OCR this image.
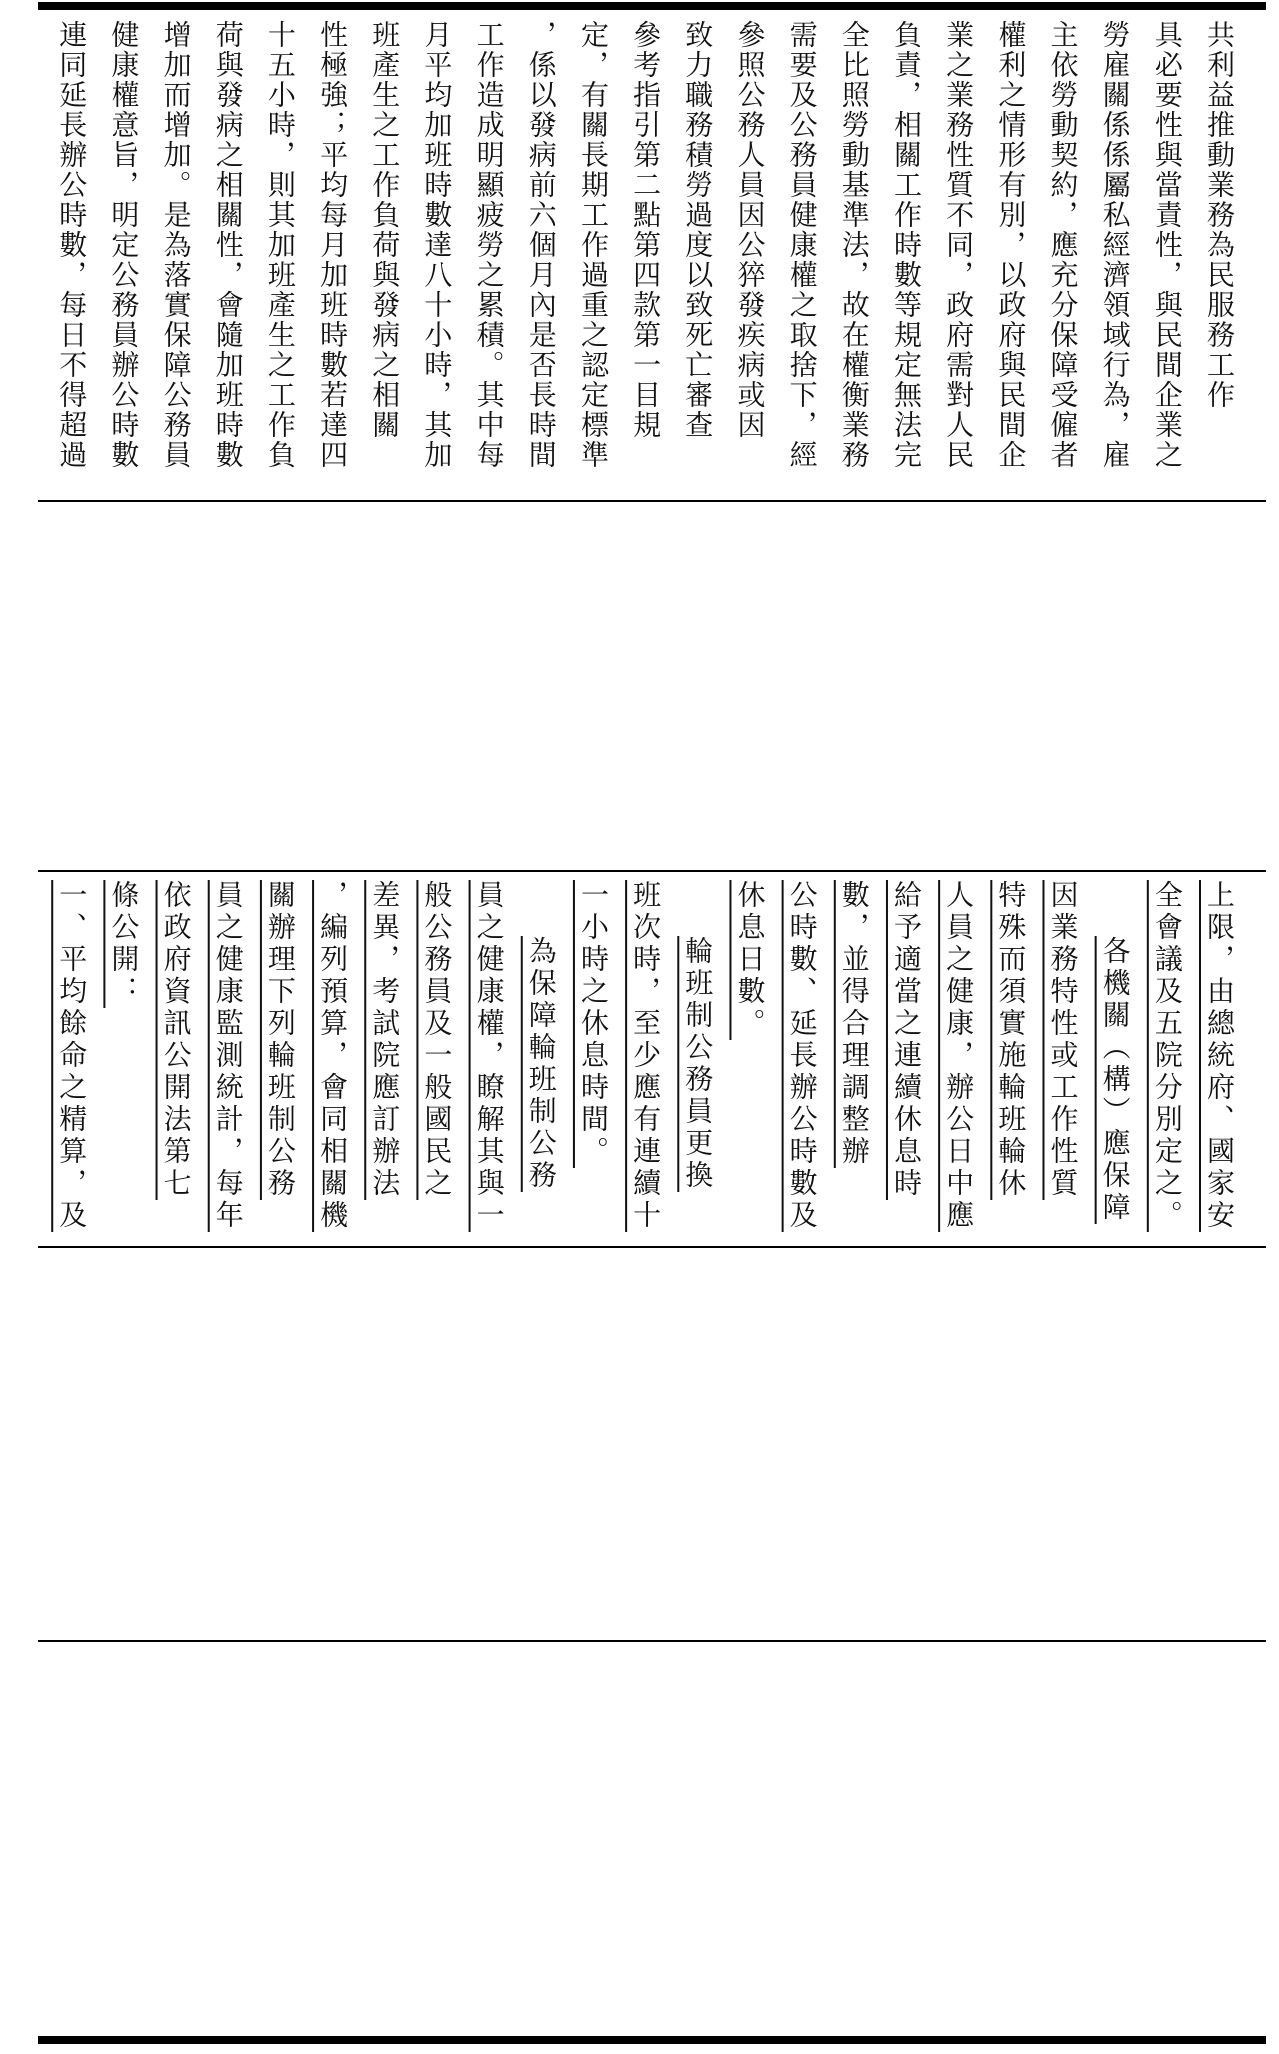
共利益推動業務為民服務工作
具必要性與當責性，與民間企業之
勞雇關係係屬私經濟領域行為，雇
主依勞動契約，應充分保障受僱者
權利之情形有別，以政府與民間企
業之業務性質不同，政府需對人民
負責，相關工作時數等規定無法完
全比照勞動基準法，故在權衡業務
需要及公務員健康權之取捨下，經
參照公務人員因公猝發疾病或因
致力職務積勞過度以致死亡審查
參考指引第二點第四款第一目規
定，有關長期工作過重之認定標準
，係以發病前六個月內是否長時間
工作造成明顯疲勞之累積。其中每
月平均加班時數達八十小時，其加
班產生之工作負荷與發病之相關
性極強；平均每月加班時數若達四
十五小時，則其加班產生之工作負
荷與發病之相關性，會隨加班時數
增加而增加。是為落實保障公務員
健康權意旨，明定公務員辦公時數
連同延長辦公時數，每日不得超過
上限，由總統府、國家安
全會議及五院分別定之。
各機關（構）應保障
因業務特性或工作性質
特殊而須實施輪班輪休
人員之健康，辦公日中應
給予適當之連續休息時
數，並得合理調整辦
公時數、延長辦公時數及
休息日數。
輪班制公務員更換
班次時，至少應有連續十
一小時之休息時間。
為保障輪班制公務
員之健康權，瞭解其與一
般公務員及一般國民之
差異，考試院應訂辦法
，編列預算，會同相關機
關辦理下列輪班制公務
員之健康監測統計，每年
依政府資訊公開法第七
條公開：
一、平均餘命之精算，及
